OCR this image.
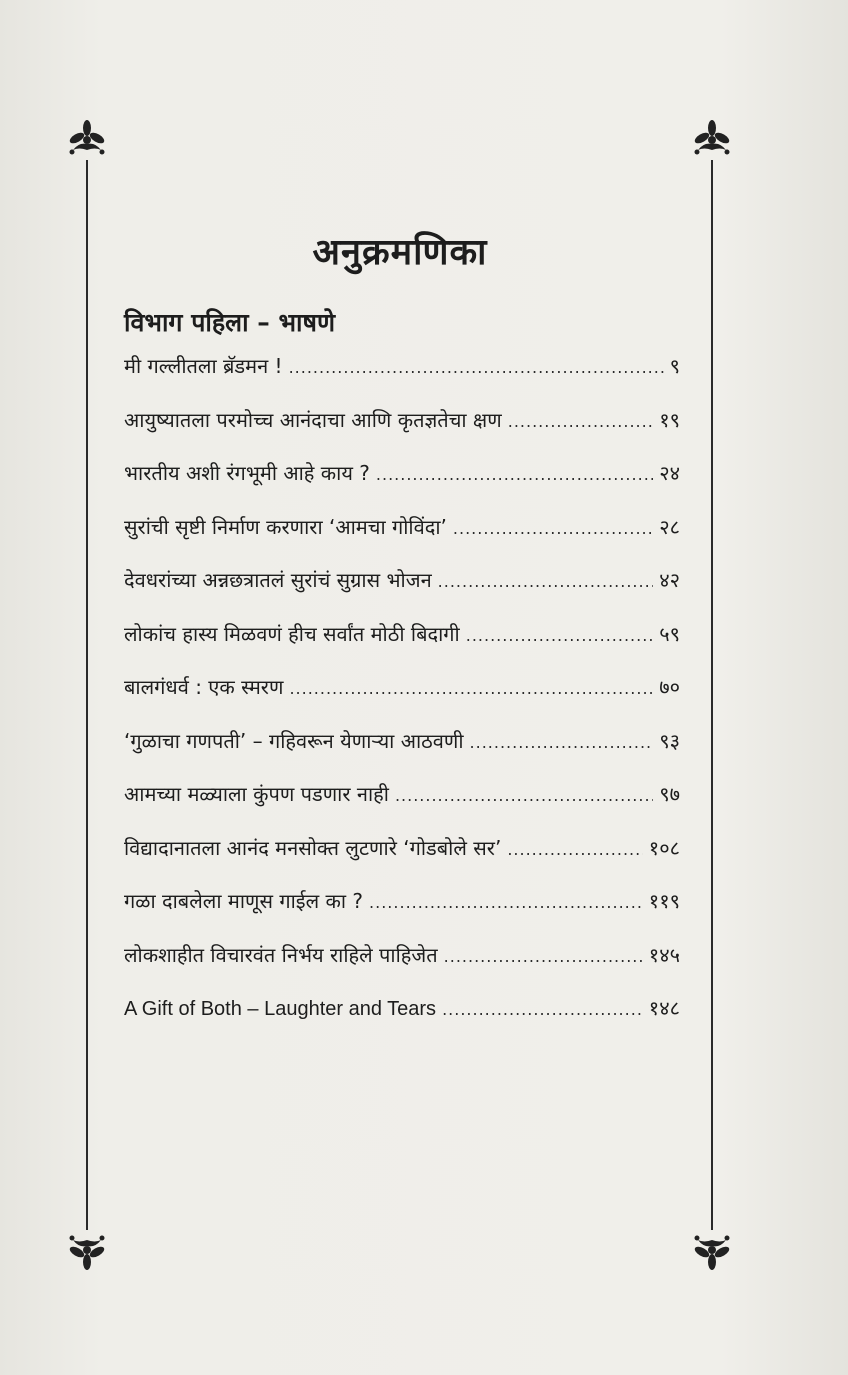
अनुक्रमणिका
विभाग पहिला – भाषणे
मी गल्लीतला ब्रॅडमन ! .....	९
आयुष्यातला परमोच्च आनंदाचा आणि कृतज्ञतेचा क्षण .....	१९
भारतीय अशी रंगभूमी आहे काय ? .....	२४
सुरांची सृष्टी निर्माण करणारा ‘आमचा गोविंदा’ .....	२८
देवधरांच्या अन्नछत्रातलं सुरांचं सुग्रास भोजन .....	४२
लोकांच हास्य मिळवणं हीच सर्वांत मोठी बिदागी .....	५९
बालगंधर्व : एक स्मरण .....	७०
‘गुळाचा गणपती’ – गहिवरून येणाऱ्या आठवणी .....	९३
आमच्या मळ्याला कुंपण पडणार नाही .....	९७
विद्यादानातला आनंद मनसोक्त लुटणारे ‘गोडबोले सर’ .....	१०८
गळा दाबलेला माणूस गाईल का ? .....	११९
लोकशाहीत विचारवंत निर्भय राहिले पाहिजेत .....	१४५
A Gift of Both – Laughter and Tears .....	१४८
